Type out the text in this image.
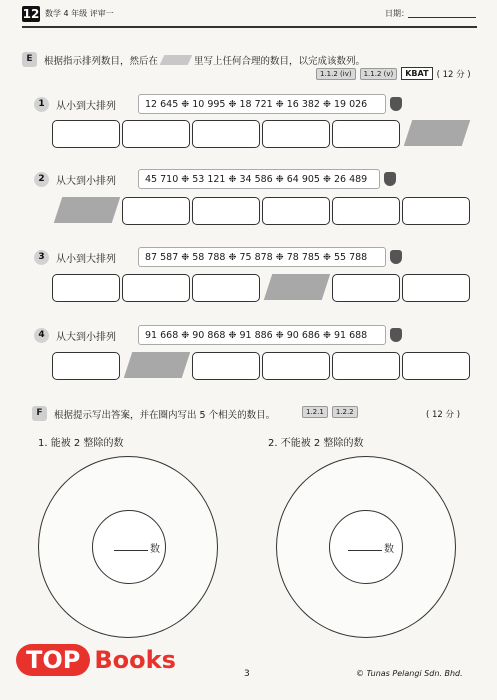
12 数学 4 年级 评审一	日期：
E	根据指示排列数目，然后在	里写上任何合理的数目，以完成该数列。
1.1.2 (iv)	1.1.2 (v)	KBAT ( 12 分 )
1	从小到大排列	12 645 ❉ 10 995 ❉ 18 721 ❉ 16 382 ❉ 19 026
2	从大到小排列	45 710 ❉ 53 121 ❉ 34 586 ❉ 64 905 ❉ 26 489
3	从小到大排列	87 587 ❉ 58 788 ❉ 75 878 ❉ 78 785 ❉ 55 788
4	从大到小排列	91 668 ❉ 90 868 ❉ 91 886 ❉ 90 686 ❉ 91 688
F	根据提示写出答案，并在圈内写出 5 个相关的数目。	1.2.1	1.2.2	( 12 分 )
1. 能被 2 整除的数
数
2. 不能被 2 整除的数
数
TOP Books	3	© Tunas Pelangi Sdn. Bhd.
